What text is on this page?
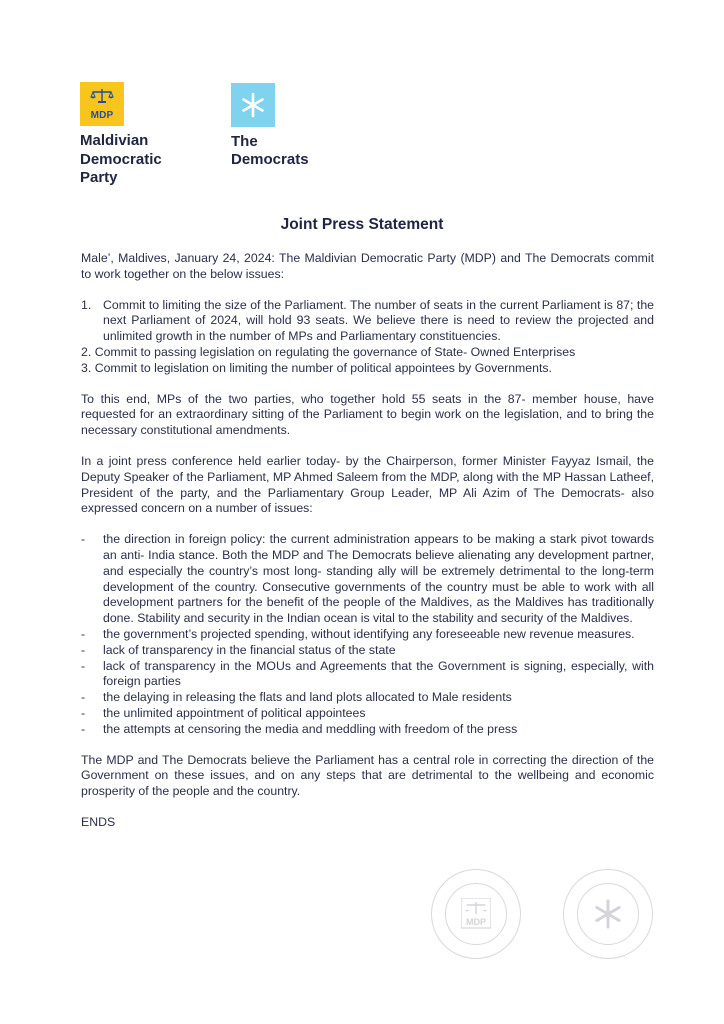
MDP
Maldivian
Democratic
Party
The
Democrats
Joint Press Statement

Male’, Maldives, January 24, 2024: The Maldivian Democratic Party (MDP) and The Democrats commit to work together on the below issues:

1. Commit to limiting the size of the Parliament. The number of seats in the current Parliament is 87; the next Parliament of 2024, will hold 93 seats. We believe there is need to review the projected and unlimited growth in the number of MPs and Parliamentary constituencies.
2. Commit to passing legislation on regulating the governance of State- Owned Enterprises
3. Commit to legislation on limiting the number of political appointees by Governments.

To this end, MPs of the two parties, who together hold 55 seats in the 87- member house, have requested for an extraordinary sitting of the Parliament to begin work on the legislation, and to bring the necessary constitutional amendments.

In a joint press conference held earlier today- by the Chairperson, former Minister Fayyaz Ismail, the Deputy Speaker of the Parliament, MP Ahmed Saleem from the MDP, along with the MP Hassan Latheef, President of the party, and the Parliamentary Group Leader, MP Ali Azim of The Democrats- also expressed concern on a number of issues:

- the direction in foreign policy: the current administration appears to be making a stark pivot towards an anti- India stance. Both the MDP and The Democrats believe alienating any development partner, and especially the country’s most long- standing ally will be extremely detrimental to the long-term development of the country. Consecutive governments of the country must be able to work with all development partners for the benefit of the people of the Maldives, as the Maldives has traditionally done. Stability and security in the Indian ocean is vital to the stability and security of the Maldives.
- the government’s projected spending, without identifying any foreseeable new revenue measures.
- lack of transparency in the financial status of the state
- lack of transparency in the MOUs and Agreements that the Government is signing, especially, with foreign parties
- the delaying in releasing the flats and land plots allocated to Male residents
- the unlimited appointment of political appointees
- the attempts at censoring the media and meddling with freedom of the press

The MDP and The Democrats believe the Parliament has a central role in correcting the direction of the Government on these issues, and on any steps that are detrimental to the wellbeing and economic prosperity of the people and the country.

ENDS
MDP
